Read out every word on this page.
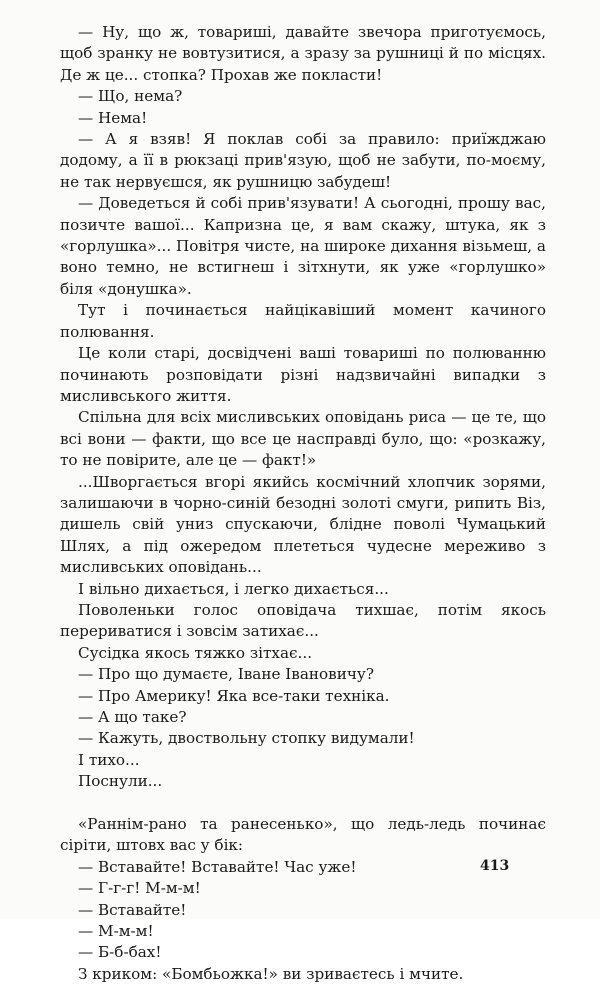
— Ну, що ж, товариші, давайте звечора приготуємось, щоб зранку не вовтузитися, а зразу за рушниці й по місцях. Де ж це... стопка? Прохав же покласти!

— Що, нема?

— Нема!

— А я взяв! Я поклав собі за правило: приїжджаю додому, а її в рюкзаці прив'язую, щоб не забути, по-моєму, не так нервуєшся, як рушницю забудеш!

— Доведеться й собі прив'язувати! А сьогодні, прошу вас, позичте вашої... Капризна це, я вам скажу, штука, як з «горлушка»... Повітря чисте, на широке дихання візьмеш, а воно темно, не встигнеш і зітхнути, як уже «горлушко» біля «донушка».

Тут і починається найцікавіший момент качиного полювання.

Це коли старі, досвідчені ваші товариші по полюванню починають розповідати різні надзвичайні випадки з мисливського життя.

Спільна для всіх мисливських оповідань риса — це те, що всі вони — факти, що все це насправді було, що: «розкажу, то не повірите, але це — факт!»

...Шворгається вгорі якийсь космічний хлопчик зорями, залишаючи в чорно-синій безодні золоті смуги, рипить Віз, дишель свій униз спускаючи, блідне поволі Чумацький Шлях, а під ожередом плететься чудесне мереживо з мисливських оповідань...

І вільно дихається, і легко дихається...

Поволеньки голос оповідача тихшає, потім якось перериватися і зовсім затихає...

Сусідка якось тяжко зітхає...

— Про що думаєте, Іване Івановичу?

— Про Америку! Яка все-таки техніка.

— А що таке?

— Кажуть, двоствольну стопку видумали!

І тихо...

Поснули...

«Раннім-рано та ранесенько», що ледь-ледь починає сіріти, штовх вас у бік:

— Вставайте! Вставайте! Час уже!

— Г-г-г! М-м-м!

— Вставайте!

— М-м-м!

— Б-б-бах!

З криком: «Бомбьожка!» ви зриваєтесь і мчите.

413
